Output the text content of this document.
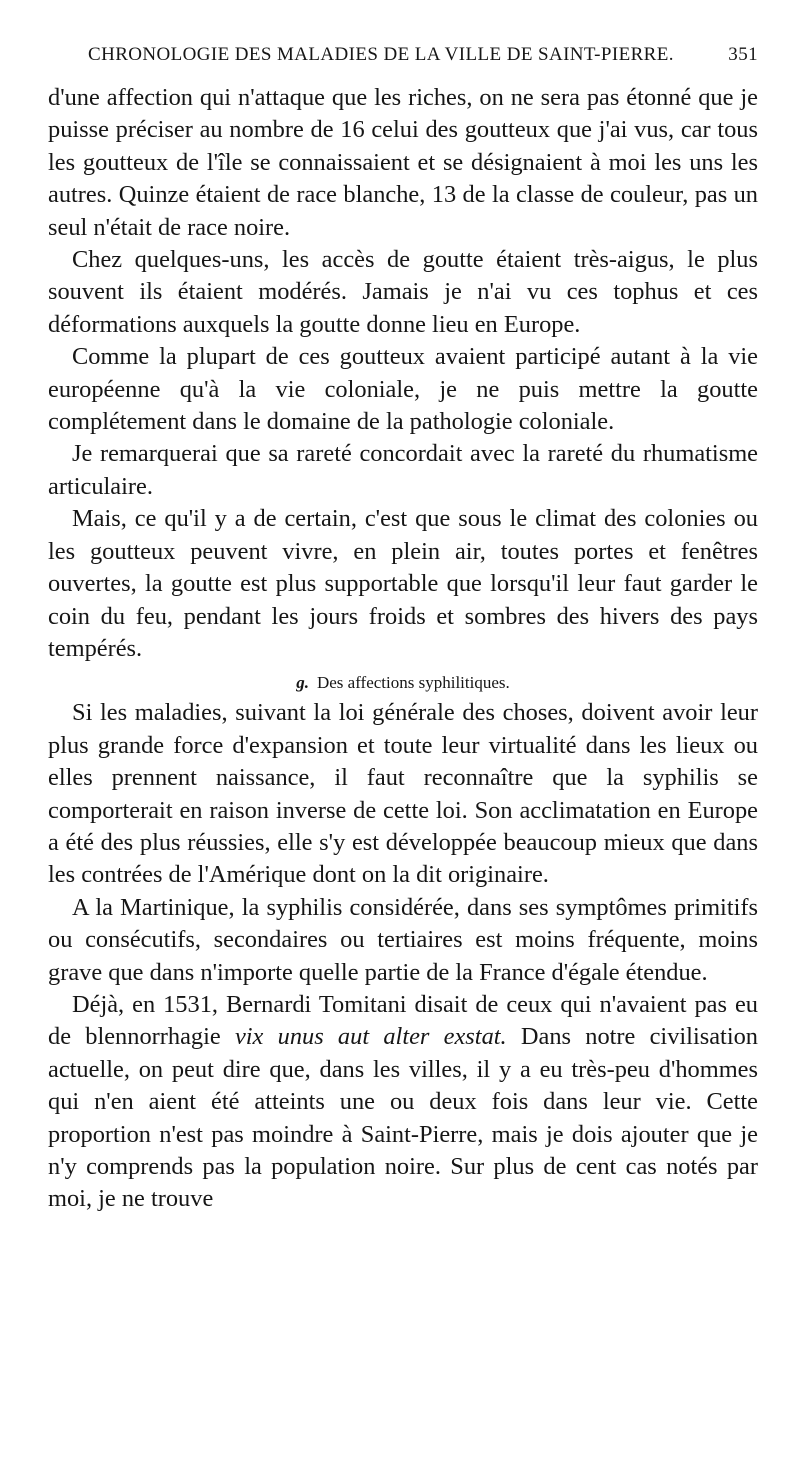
CHRONOLOGIE DES MALADIES DE LA VILLE DE SAINT-PIERRE.	351

d'une affection qui n'attaque que les riches, on ne sera pas étonné que je puisse préciser au nombre de 16 celui des goutteux que j'ai vus, car tous les goutteux de l'île se connaissaient et se désignaient à moi les uns les autres. Quinze étaient de race blanche, 13 de la classe de couleur, pas un seul n'était de race noire.

Chez quelques-uns, les accès de goutte étaient très-aigus, le plus souvent ils étaient modérés. Jamais je n'ai vu ces tophus et ces déformations auxquels la goutte donne lieu en Europe.

Comme la plupart de ces goutteux avaient participé autant à la vie européenne qu'à la vie coloniale, je ne puis mettre la goutte complétement dans le domaine de la pathologie coloniale.

Je remarquerai que sa rareté concordait avec la rareté du rhumatisme articulaire.

Mais, ce qu'il y a de certain, c'est que sous le climat des colonies ou les goutteux peuvent vivre, en plein air, toutes portes et fenêtres ouvertes, la goutte est plus supportable que lorsqu'il leur faut garder le coin du feu, pendant les jours froids et sombres des hivers des pays tempérés.

g. Des affections syphilitiques.

Si les maladies, suivant la loi générale des choses, doivent avoir leur plus grande force d'expansion et toute leur virtualité dans les lieux ou elles prennent naissance, il faut reconnaître que la syphilis se comporterait en raison inverse de cette loi. Son acclimatation en Europe a été des plus réussies, elle s'y est développée beaucoup mieux que dans les contrées de l'Amérique dont on la dit originaire.

A la Martinique, la syphilis considérée, dans ses symptômes primitifs ou consécutifs, secondaires ou tertiaires est moins fréquente, moins grave que dans n'importe quelle partie de la France d'égale étendue.

Déjà, en 1531, Bernardi Tomitani disait de ceux qui n'avaient pas eu de blennorrhagie vix unus aut alter exstat. Dans notre civilisation actuelle, on peut dire que, dans les villes, il y a eu très-peu d'hommes qui n'en aient été atteints une ou deux fois dans leur vie. Cette proportion n'est pas moindre à Saint-Pierre, mais je dois ajouter que je n'y comprends pas la population noire. Sur plus de cent cas notés par moi, je ne trouve
